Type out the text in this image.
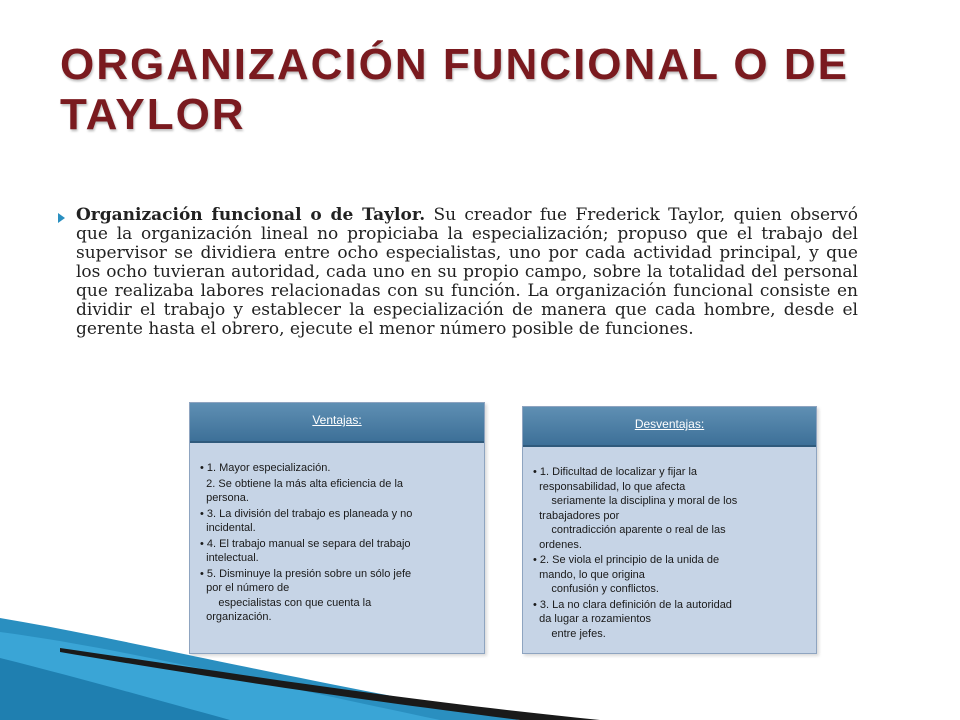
ORGANIZACIÓN FUNCIONAL O DE TAYLOR
Organización funcional o de Taylor. Su creador fue Frederick Taylor, quien observó que la organización lineal no propiciaba la especialización; propuso que el trabajo del supervisor se dividiera entre ocho especialistas, uno por cada actividad principal, y que los ocho tuvieran autoridad, cada uno en su propio campo, sobre la totalidad del personal que realizaba labores relacionadas con su función. La organización funcional consiste en dividir el trabajo y establecer la especialización de manera que cada hombre, desde el gerente hasta el obrero, ejecute el menor número posible de funciones.
Ventajas:

• 1. Mayor especialización.

2. Se obtiene la más alta eficiencia de la
persona.

• 3. La división del trabajo es planeada y no
incidental.

• 4. El trabajo manual se separa del trabajo
intelectual.

• 5. Disminuye la presión sobre un sólo jefe
por el número de
especialistas con que cuenta la
organización.

Desventajas:

• 1. Dificultad de localizar y fijar la
responsabilidad, lo que afecta
seriamente la disciplina y moral de los
trabajadores por
contradicción aparente o real de las
ordenes.

• 2. Se viola el principio de la unida de
mando, lo que origina
confusión y conflictos.

• 3. La no clara definición de la autoridad
da lugar a rozamientos
entre jefes.
